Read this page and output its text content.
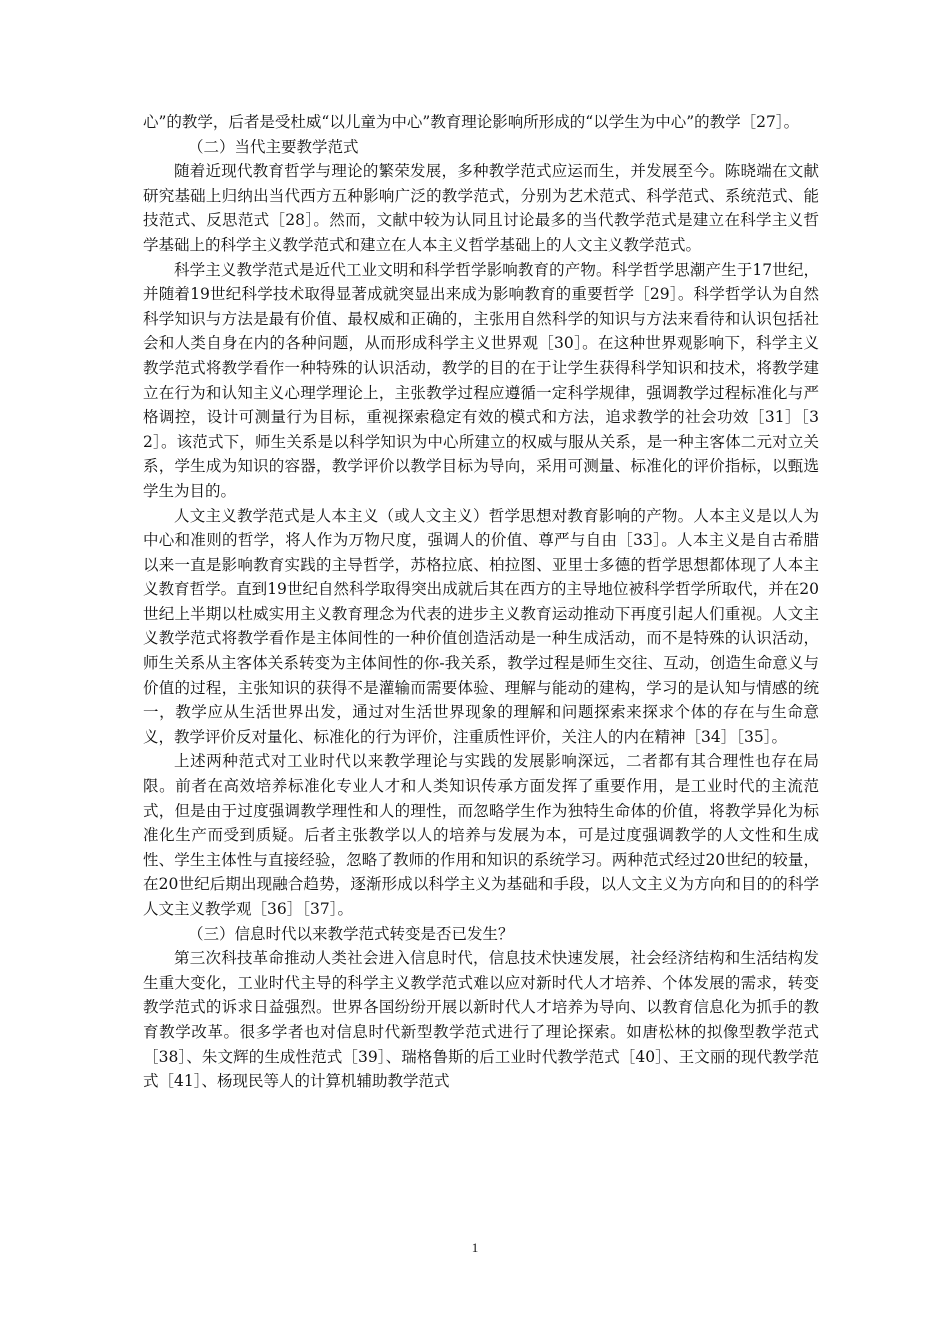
心”的教学，后者是受杜威“以儿童为中心”教育理论影响所形成的“以学生为中心”的教学［27］。

（二）当代主要教学范式

随着近现代教育哲学与理论的繁荣发展，多种教学范式应运而生，并发展至今。陈晓端在文献研究基础上归纳出当代西方五种影响广泛的教学范式，分别为艺术范式、科学范式、系统范式、能技范式、反思范式［28］。然而，文献中较为认同且讨论最多的当代教学范式是建立在科学主义哲学基础上的科学主义教学范式和建立在人本主义哲学基础上的人文主义教学范式。

科学主义教学范式是近代工业文明和科学哲学影响教育的产物。科学哲学思潮产生于17世纪，并随着19世纪科学技术取得显著成就突显出来成为影响教育的重要哲学［29］。科学哲学认为自然科学知识与方法是最有价值、最权威和正确的，主张用自然科学的知识与方法来看待和认识包括社会和人类自身在内的各种问题，从而形成科学主义世界观［30］。在这种世界观影响下，科学主义教学范式将教学看作一种特殊的认识活动，教学的目的在于让学生获得科学知识和技术，将教学建立在行为和认知主义心理学理论上，主张教学过程应遵循一定科学规律，强调教学过程标准化与严格调控，设计可测量行为目标，重视探索稳定有效的模式和方法，追求教学的社会功效［31］［32］。该范式下，师生关系是以科学知识为中心所建立的权威与服从关系，是一种主客体二元对立关系，学生成为知识的容器，教学评价以教学目标为导向，采用可测量、标准化的评价指标，以甄选学生为目的。

人文主义教学范式是人本主义（或人文主义）哲学思想对教育影响的产物。人本主义是以人为中心和准则的哲学，将人作为万物尺度，强调人的价值、尊严与自由［33］。人本主义是自古希腊以来一直是影响教育实践的主导哲学，苏格拉底、柏拉图、亚里士多德的哲学思想都体现了人本主义教育哲学。直到19世纪自然科学取得突出成就后其在西方的主导地位被科学哲学所取代，并在20世纪上半期以杜威实用主义教育理念为代表的进步主义教育运动推动下再度引起人们重视。人文主义教学范式将教学看作是主体间性的一种价值创造活动是一种生成活动，而不是特殊的认识活动，师生关系从主客体关系转变为主体间性的你-我关系，教学过程是师生交往、互动，创造生命意义与价值的过程，主张知识的获得不是灌输而需要体验、理解与能动的建构，学习的是认知与情感的统一，教学应从生活世界出发，通过对生活世界现象的理解和问题探索来探求个体的存在与生命意义，教学评价反对量化、标准化的行为评价，注重质性评价，关注人的内在精神［34］［35］。

上述两种范式对工业时代以来教学理论与实践的发展影响深远，二者都有其合理性也存在局限。前者在高效培养标准化专业人才和人类知识传承方面发挥了重要作用，是工业时代的主流范式，但是由于过度强调教学理性和人的理性，而忽略学生作为独特生命体的价值，将教学异化为标准化生产而受到质疑。后者主张教学以人的培养与发展为本，可是过度强调教学的人文性和生成性、学生主体性与直接经验，忽略了教师的作用和知识的系统学习。两种范式经过20世纪的较量，在20世纪后期出现融合趋势，逐渐形成以科学主义为基础和手段，以人文主义为方向和目的的科学人文主义教学观［36］［37］。

（三）信息时代以来教学范式转变是否已发生？

第三次科技革命推动人类社会进入信息时代，信息技术快速发展，社会经济结构和生活结构发生重大变化，工业时代主导的科学主义教学范式难以应对新时代人才培养、个体发展的需求，转变教学范式的诉求日益强烈。世界各国纷纷开展以新时代人才培养为导向、以教育信息化为抓手的教育教学改革。很多学者也对信息时代新型教学范式进行了理论探索。如唐松林的拟像型教学范式［38］、朱文辉的生成性范式［39］、瑞格鲁斯的后工业时代教学范式［40］、王文丽的现代教学范式［41］、杨现民等人的计算机辅助教学范式

1
